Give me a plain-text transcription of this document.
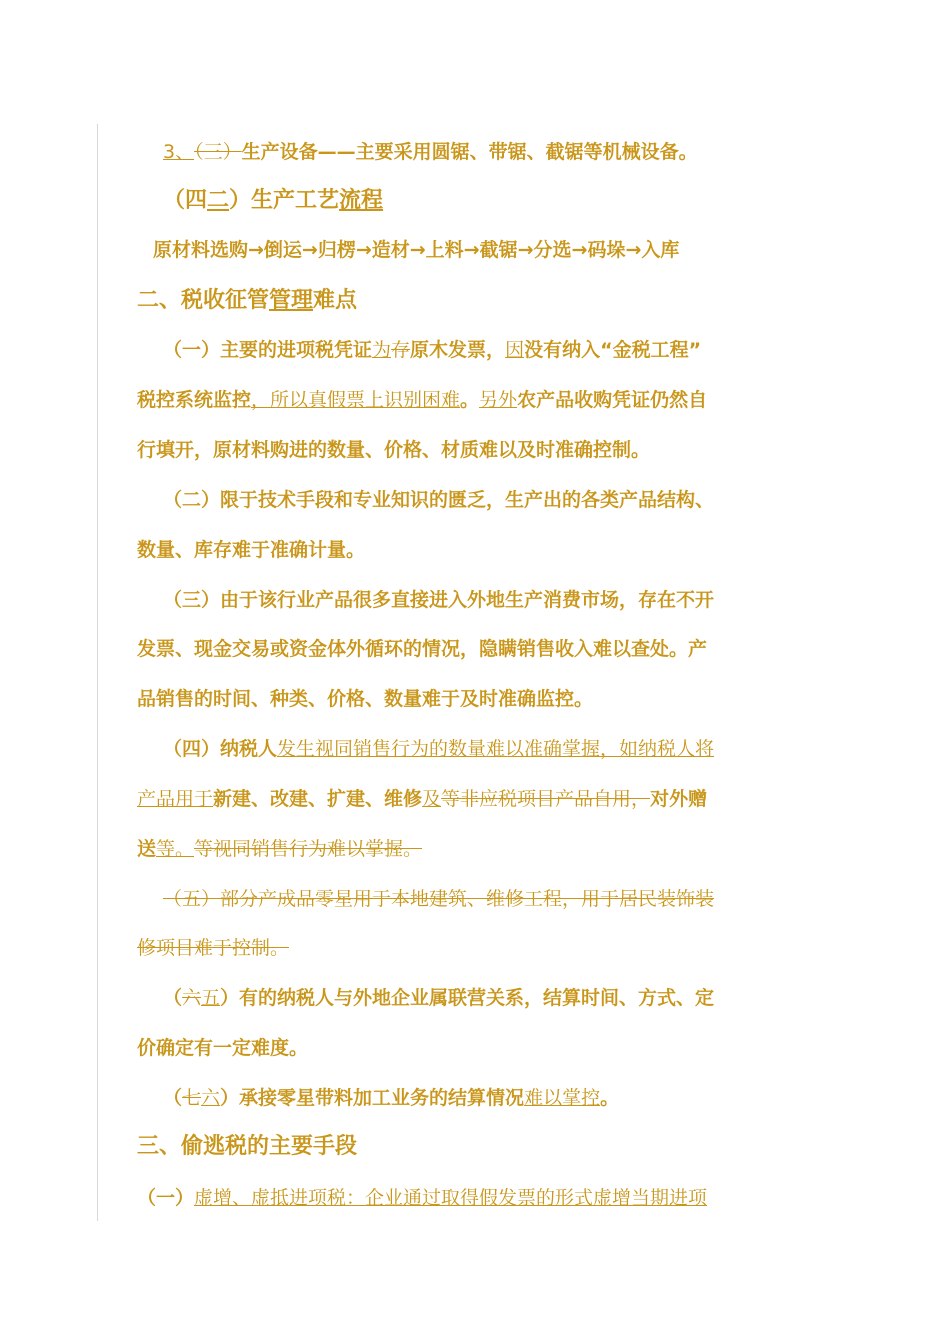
3、（三）生产设备——主要采用圆锯、带锯、截锯等机械设备。
（四二）生产工艺流程
原材料选购→倒运→归楞→造材→上料→截锯→分选→码垛→入库
二、税收征管管理难点
（一）主要的进项税凭证为存原木发票，因没有纳入“金税工程”
税控系统监控，所以真假票上识别困难。另外农产品收购凭证仍然自
行填开，原材料购进的数量、价格、材质难以及时准确控制。
（二）限于技术手段和专业知识的匮乏，生产出的各类产品结构、
数量、库存难于准确计量。
（三）由于该行业产品很多直接进入外地生产消费市场，存在不开
发票、现金交易或资金体外循环的情况，隐瞒销售收入难以查处。产
品销售的时间、种类、价格、数量难于及时准确监控。
（四）纳税人发生视同销售行为的数量难以准确掌握，如纳税人将
产品用于新建、改建、扩建、维修及等非应税项目产品自用，对外赠
送等。等视同销售行为难以掌握。
（五）部分产成品零星用于本地建筑、维修工程，用于居民装饰装
修项目难于控制。
（六五）有的纳税人与外地企业属联营关系，结算时间、方式、定
价确定有一定难度。
（七六）承接零星带料加工业务的结算情况难以掌控。
三、偷逃税的主要手段
（一）虚增、虚抵进项税：企业通过取得假发票的形式虚增当期进项
